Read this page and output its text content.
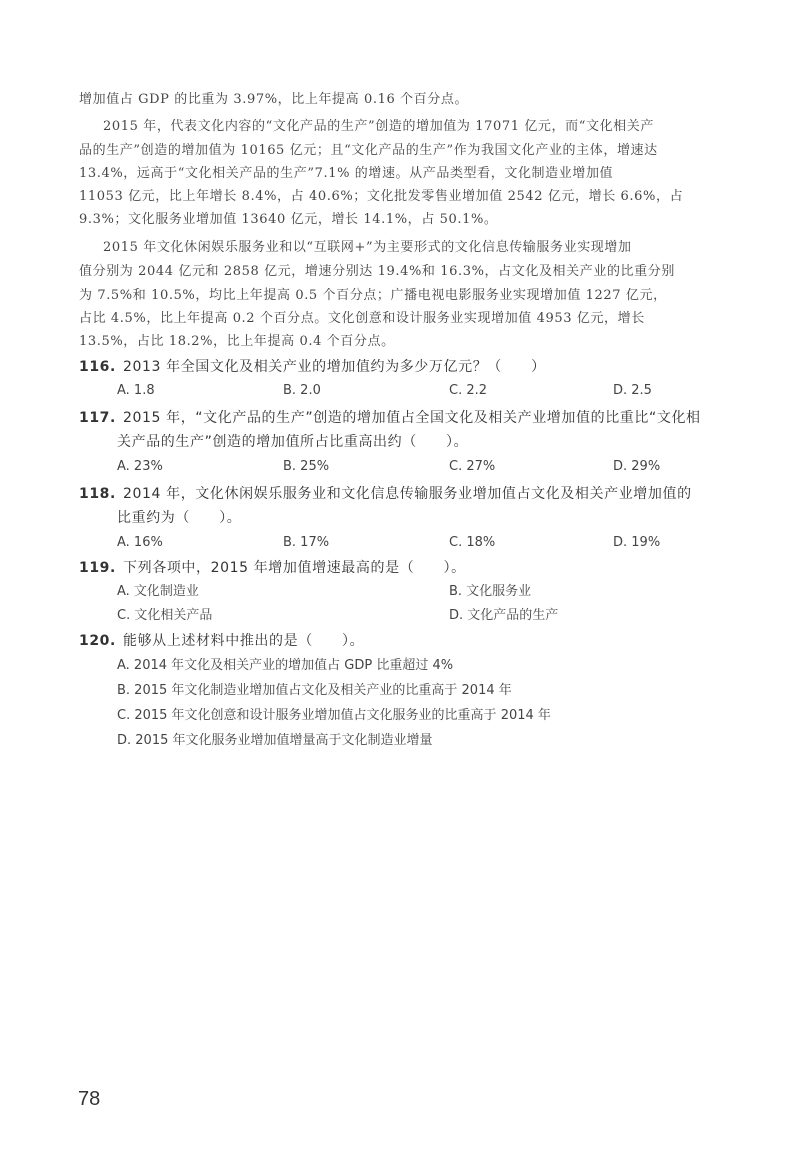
增加值占 GDP 的比重为 3.97%，比上年提高 0.16 个百分点。
2015 年，代表文化内容的“文化产品的生产”创造的增加值为 17071 亿元，而“文化相关产
品的生产”创造的增加值为 10165 亿元；且“文化产品的生产”作为我国文化产业的主体，增速达
13.4%，远高于“文化相关产品的生产”7.1% 的增速。从产品类型看，文化制造业增加值
11053 亿元，比上年增长 8.4%，占 40.6%；文化批发零售业增加值 2542 亿元，增长 6.6%，占
9.3%；文化服务业增加值 13640 亿元，增长 14.1%，占 50.1%。
2015 年文化休闲娱乐服务业和以“互联网+”为主要形式的文化信息传输服务业实现增加
值分别为 2044 亿元和 2858 亿元，增速分别达 19.4%和 16.3%，占文化及相关产业的比重分别
为 7.5%和 10.5%，均比上年提高 0.5 个百分点；广播电视电影服务业实现增加值 1227 亿元，
占比 4.5%，比上年提高 0.2 个百分点。文化创意和设计服务业实现增加值 4953 亿元，增长
13.5%，占比 18.2%，比上年提高 0.4 个百分点。
116. 2013 年全国文化及相关产业的增加值约为多少万亿元？（　　）
A. 1.8	B. 2.0	C. 2.2	D. 2.5
117. 2015 年，“文化产品的生产”创造的增加值占全国文化及相关产业增加值的比重比“文化相
关产品的生产”创造的增加值所占比重高出约（　　）。
A. 23%	B. 25%	C. 27%	D. 29%
118. 2014 年，文化休闲娱乐服务业和文化信息传输服务业增加值占文化及相关产业增加值的
比重约为（　　）。
A. 16%	B. 17%	C. 18%	D. 19%
119. 下列各项中，2015 年增加值增速最高的是（　　）。
A. 文化制造业	B. 文化服务业
C. 文化相关产品	D. 文化产品的生产
120. 能够从上述材料中推出的是（　　）。
A. 2014 年文化及相关产业的增加值占 GDP 比重超过 4%
B. 2015 年文化制造业增加值占文化及相关产业的比重高于 2014 年
C. 2015 年文化创意和设计服务业增加值占文化服务业的比重高于 2014 年
D. 2015 年文化服务业增加值增量高于文化制造业增量
78
